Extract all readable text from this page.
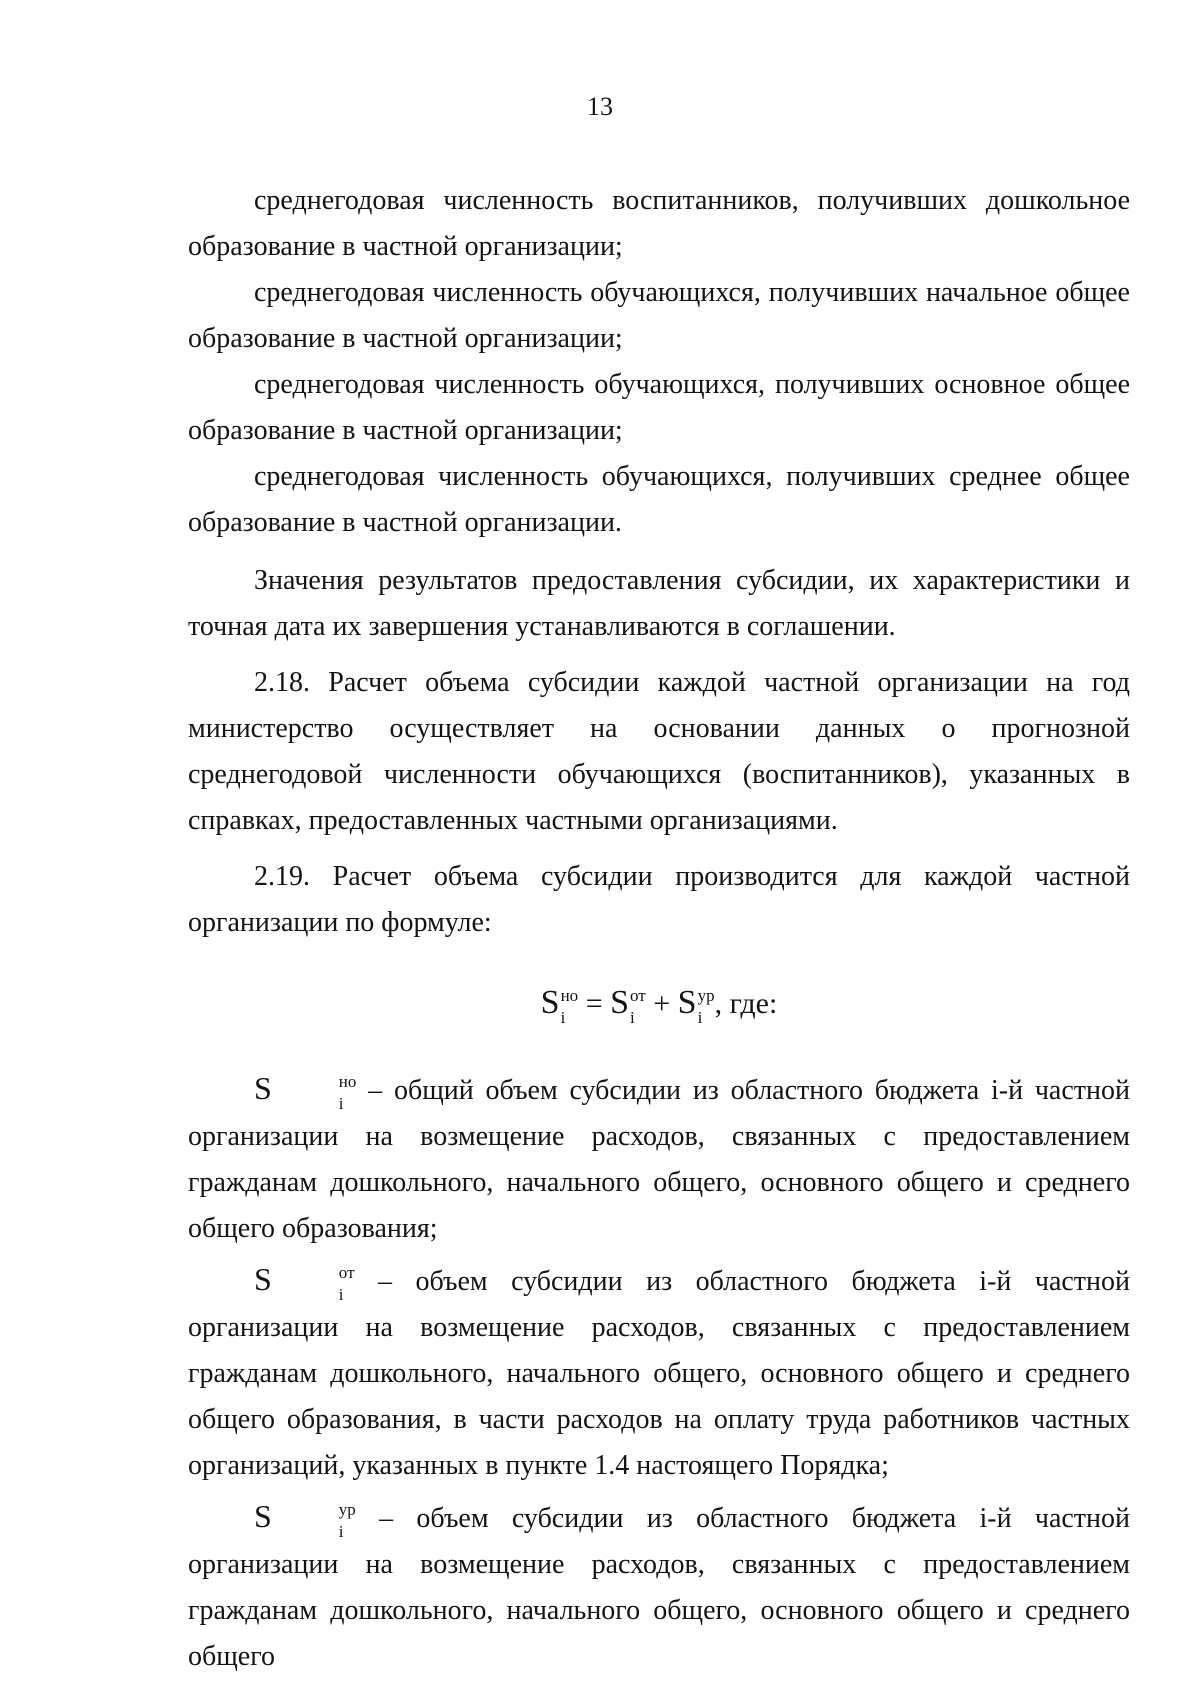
13

среднегодовая численность воспитанников, получивших дошкольное образование в частной организации;

среднегодовая численность обучающихся, получивших начальное общее образование в частной организации;

среднегодовая численность обучающихся, получивших основное общее образование в частной организации;

среднегодовая численность обучающихся, получивших среднее общее образование в частной организации.

Значения результатов предоставления субсидии, их характеристики и точная дата их завершения устанавливаются в соглашении.

2.18. Расчет объема субсидии каждой частной организации на год министерство осуществляет на основании данных о прогнозной среднегодовой численности обучающихся (воспитанников), указанных в справках, предоставленных частными организациями.

2.19. Расчет объема субсидии производится для каждой частной организации по формуле:

S но
i = S от
i + S ур
i , где:

S	но
i – общий объем субсидии из областного бюджета i-й частной организации на возмещение расходов, связанных с предоставлением гражданам дошкольного, начального общего, основного общего и среднего общего образования;

S	от
i – объем субсидии из областного бюджета i-й частной организации на возмещение расходов, связанных с предоставлением гражданам дошкольного, начального общего, основного общего и среднего общего образования, в части расходов на оплату труда работников частных организаций, указанных в пункте 1.4 настоящего Порядка;

S	ур
i – объем субсидии из областного бюджета i-й частной организации на возмещение расходов, связанных с предоставлением гражданам дошкольного, начального общего, основного общего и среднего общего
